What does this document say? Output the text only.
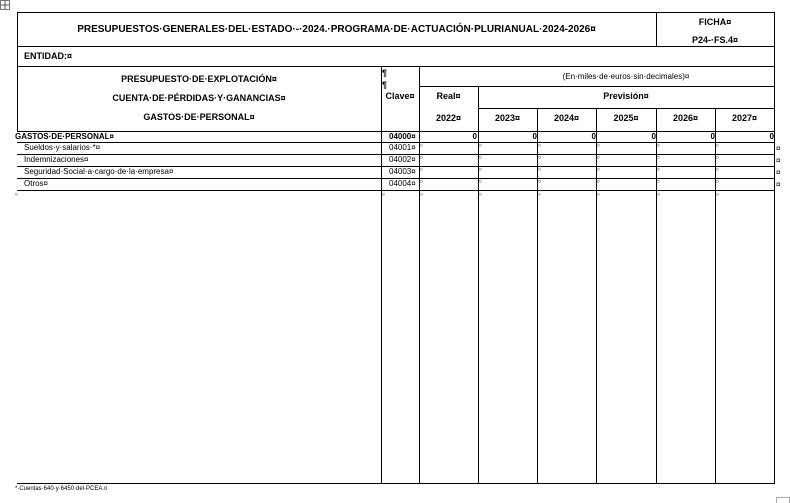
PRESUPUESTOS·GENERALES·DEL·ESTADO·-·2024.·PROGRAMA·DE·ACTUACIÓN·PLURIANUAL·2024-2026¤
FICHA¤
P24-·FS.4¤
ENTIDAD:¤
PRESUPUESTO·DE·EXPLOTACIÓN¤
CUENTA·DE·PÉRDIDAS·Y·GANANCIAS¤
GASTOS·DE·PERSONAL¤
¶
¶
Clave¤
(En·miles·de·euros·sin·decimales)¤
Real¤	Previsión¤
2022¤	2023¤	2024¤	2025¤	2026¤	2027¤
GASTOS·DE·PERSONAL¤	04000¤	0	0	0	0	0	0
Sueldos·y·salarios·*¤	04001¤
Indemnizaciones¤	04002¤
Seguridad·Social·a·cargo·de·la·empresa¤	04003¤
Otros¤	04004¤
¤	¤	¤	¤	¤	¤	¤
¤	¤	¤	¤	¤	¤	¤
¤	¤	¤	¤	¤	¤	¤
¤	¤	¤	¤	¤	¤	¤
¤	¤	¤	¤	¤	¤	¤	¤
*·Cuentas·640·y·6450·del·PCEA.¤
